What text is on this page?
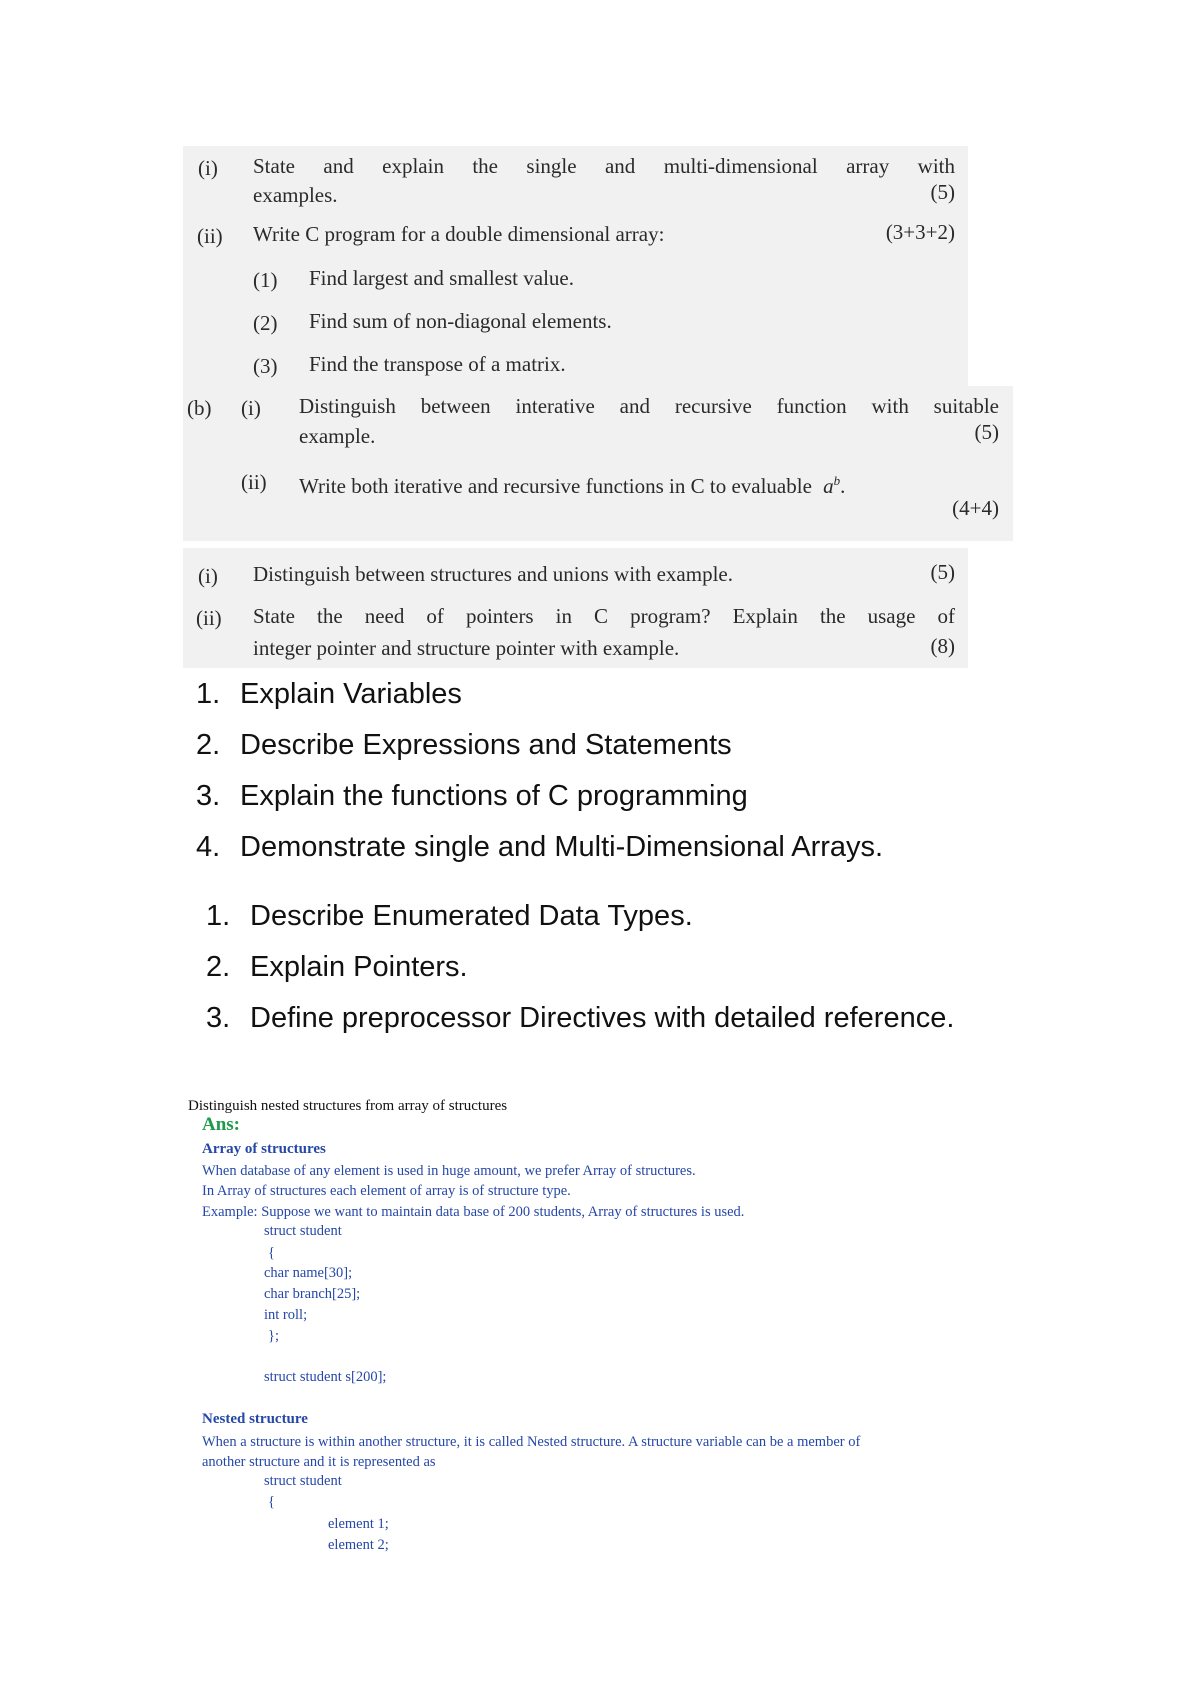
(i) State and explain the single and multi-dimensional array with
examples.	(5)
(ii) Write C program for a double dimensional array:	(3+3+2)
(1) Find largest and smallest value.
(2) Find sum of non-diagonal elements.
(3) Find the transpose of a matrix.
(b) (i) Distinguish between interative and recursive function with suitable
example.	(5)
(ii) Write both iterative and recursive functions in C to evaluable $a^b$.
(4+4)
(i) Distinguish between structures and unions with example.	(5)
(ii) State the need of pointers in C program? Explain the usage of
integer pointer and structure pointer with example.	(8)
1. Explain Variables
2. Describe Expressions and Statements
3. Explain the functions of C programming
4. Demonstrate single and Multi-Dimensional Arrays.
1. Describe Enumerated Data Types.
2. Explain Pointers.
3. Define preprocessor Directives with detailed reference.
Distinguish nested structures from array of structures
Ans:
Array of structures
When database of any element is used in huge amount, we prefer Array of structures.
In Array of structures each element of array is of structure type.
Example: Suppose we want to maintain data base of 200 students, Array of structures is used.
struct student
{
char name[30];
char branch[25];
int roll;
};
struct student s[200];
Nested structure
When a structure is within another structure, it is called Nested structure. A structure variable can be a member of
another structure and it is represented as
struct student
{
element 1;
element 2;
